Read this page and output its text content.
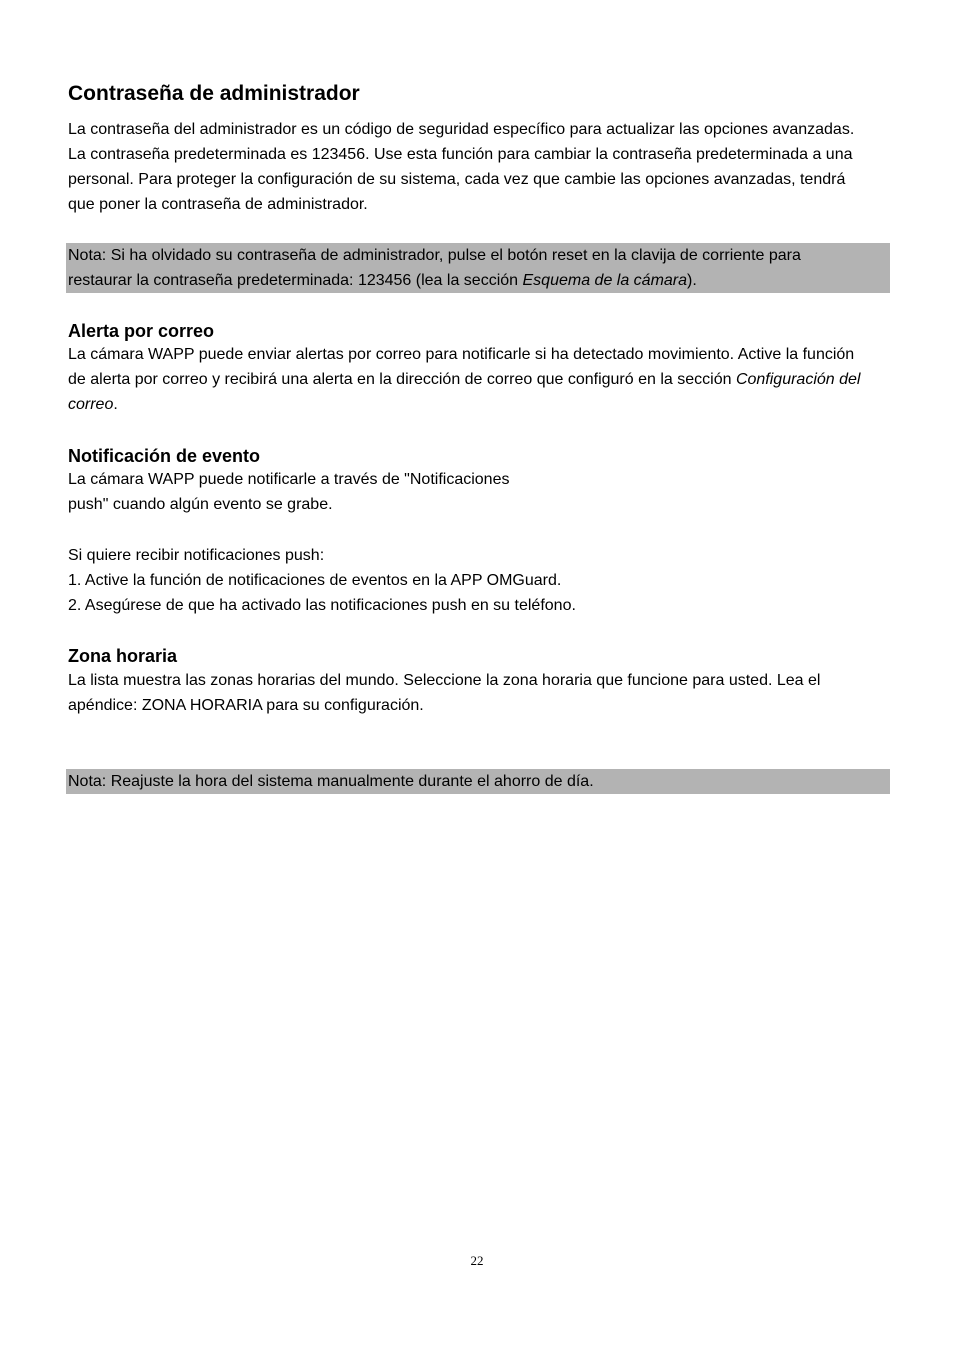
Contraseña de administrador
La contraseña del administrador es un código de seguridad específico para actualizar las opciones avanzadas.
La contraseña predeterminada es 123456. Use esta función para cambiar la contraseña predeterminada a una
personal. Para proteger la configuración de su sistema, cada vez que cambie las opciones avanzadas, tendrá
que poner la contraseña de administrador.
Nota: Si ha olvidado su contraseña de administrador, pulse el botón reset en la clavija de corriente para
restaurar la contraseña predeterminada: 123456 (lea la sección Esquema de la cámara).
Alerta por correo
La cámara WAPP puede enviar alertas por correo para notificarle si ha detectado movimiento. Active la función
de alerta por correo y recibirá una alerta en la dirección de correo que configuró en la sección Configuración del
correo.
Notificación de evento
La cámara WAPP puede notificarle a través de "Notificaciones
push" cuando algún evento se grabe.
Si quiere recibir notificaciones push:
1. Active la función de notificaciones de eventos en la APP OMGuard.
2. Asegúrese de que ha activado las notificaciones push en su teléfono.
Zona horaria
La lista muestra las zonas horarias del mundo. Seleccione la zona horaria que funcione para usted. Lea el
apéndice: ZONA HORARIA para su configuración.
Nota: Reajuste la hora del sistema manualmente durante el ahorro de día.
22
